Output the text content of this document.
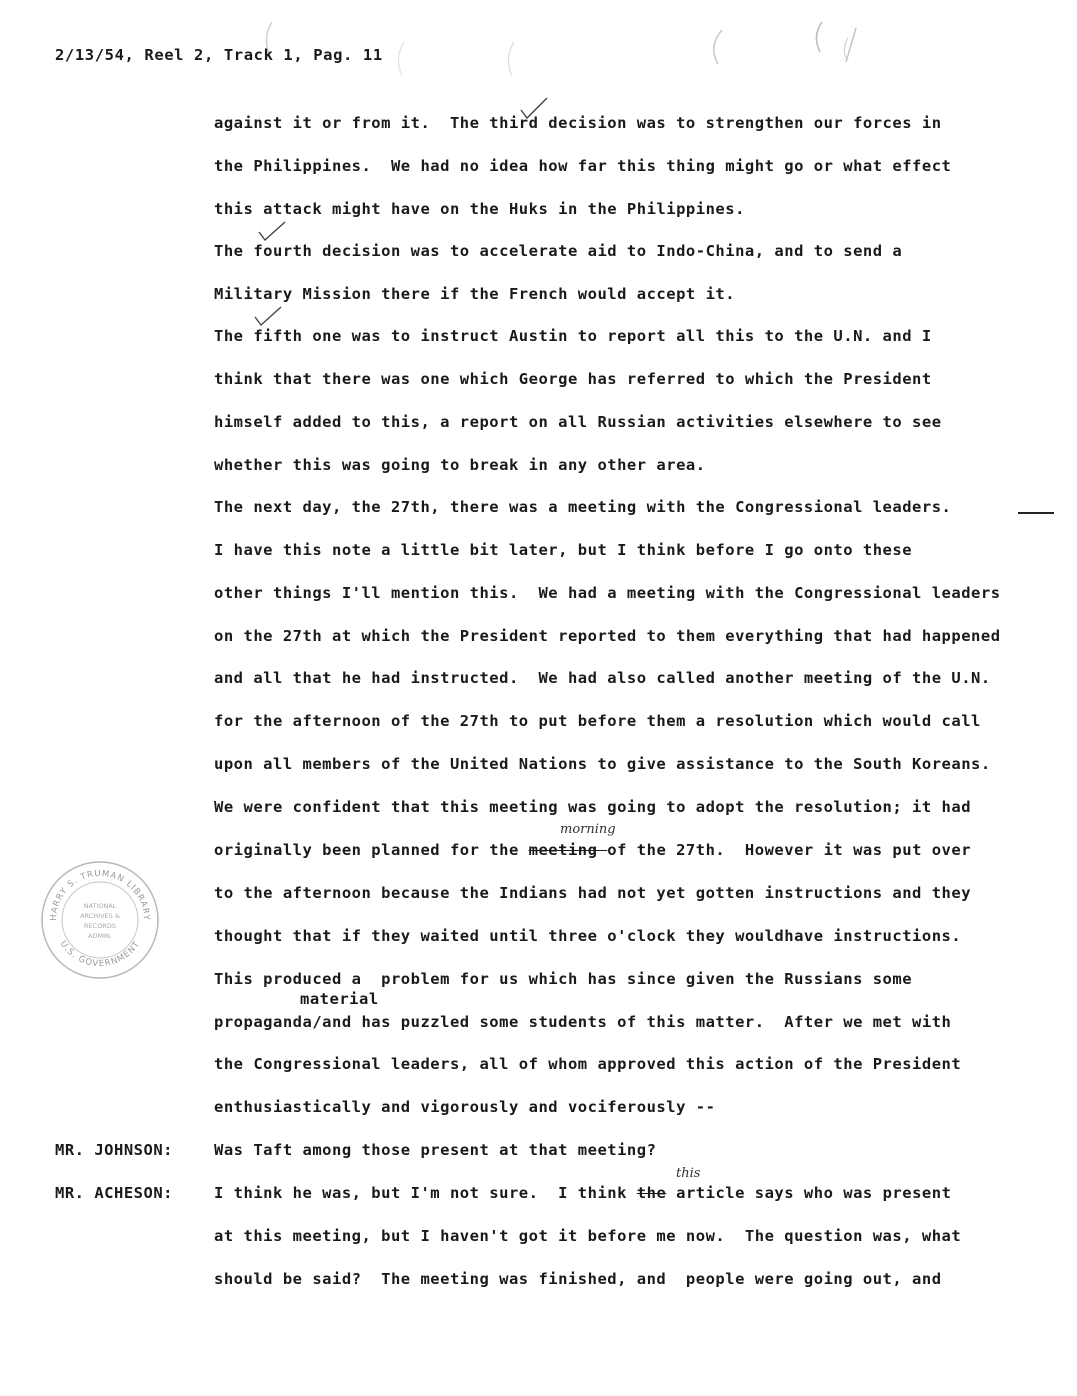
2/13/54, Reel 2, Track 1, Pag. 11
against it or from it.  The third decision was to strengthen our forces in
the Philippines.  We had no idea how far this thing might go or what effect
this attack might have on the Huks in the Philippines.
The fourth decision was to accelerate aid to Indo-China, and to send a
Military Mission there if the French would accept it.
The fifth one was to instruct Austin to report all this to the U.N. and I
think that there was one which George has referred to which the President
himself added to this, a report on all Russian activities elsewhere to see
whether this was going to break in any other area.
The next day, the 27th, there was a meeting with the Congressional leaders.
I have this note a little bit later, but I think before I go onto these
other things I'll mention this.  We had a meeting with the Congressional leaders
on the 27th at which the President reported to them everything that had happened
and all that he had instructed.  We had also called another meeting of the U.N.
for the afternoon of the 27th to put before them a resolution which would call
upon all members of the United Nations to give assistance to the South Koreans.
We were confident that this meeting was going to adopt the resolution; it had
morning
originally been planned for the meeting of the 27th.  However it was put over
to the afternoon because the Indians had not yet gotten instructions and they
thought that if they waited until three o'clock they wouldhave instructions.
This produced a  problem for us which has since given the Russians some
material
propaganda/and has puzzled some students of this matter.  After we met with
the Congressional leaders, all of whom approved this action of the President
enthusiastically and vigorously and vociferously --
MR. JOHNSON:	Was Taft among those present at that meeting?
this
MR. ACHESON:	I think he was, but I'm not sure.  I think the article says who was present
at this meeting, but I haven't got it before me now.  The question was, what
should be said?  The meeting was finished, and  people were going out, and
HARRY S. TRUMAN LIBRARY
U.S. GOVERNMENT
NATIONAL
ARCHIVES &
RECORDS
ADMIN.
